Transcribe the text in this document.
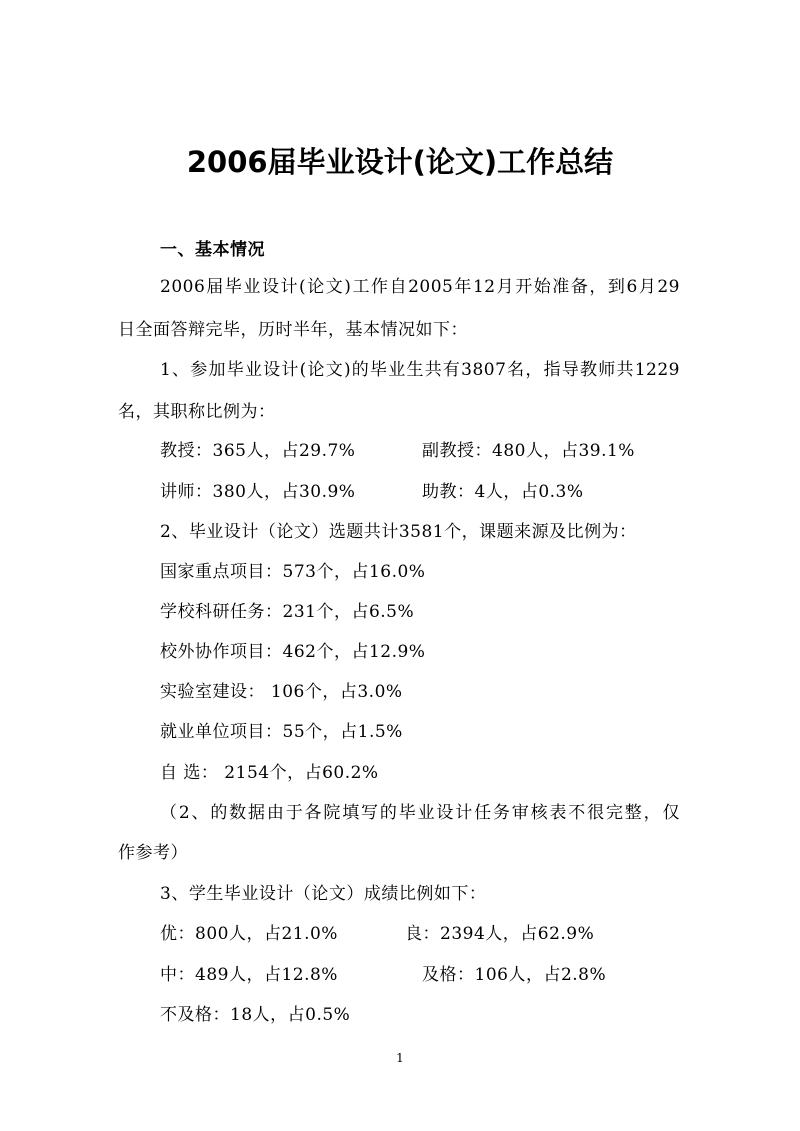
2006届毕业设计(论文)工作总结
一、基本情况
2006届毕业设计(论文)工作自2005年12月开始准备，到6月29
日全面答辩完毕，历时半年，基本情况如下：
1、参加毕业设计(论文)的毕业生共有3807名，指导教师共1229
名，其职称比例为：
教授：365人，占29.7%	副教授：480人，占39.1%
讲师：380人，占30.9%	助教：4人，占0.3%
2、毕业设计（论文）选题共计3581个，课题来源及比例为：
国家重点项目：573个，占16.0%
学校科研任务：231个，占6.5%
校外协作项目：462个，占12.9%
实验室建设： 106个，占3.0%
就业单位项目：55个，占1.5%
自 选： 2154个，占60.2%
（2、的数据由于各院填写的毕业设计任务审核表不很完整，仅
作参考）
3、学生毕业设计（论文）成绩比例如下：
优：800人，占21.0%	良：2394人，占62.9%
中：489人，占12.8%	及格：106人，占2.8%
不及格：18人，占0.5%
1
